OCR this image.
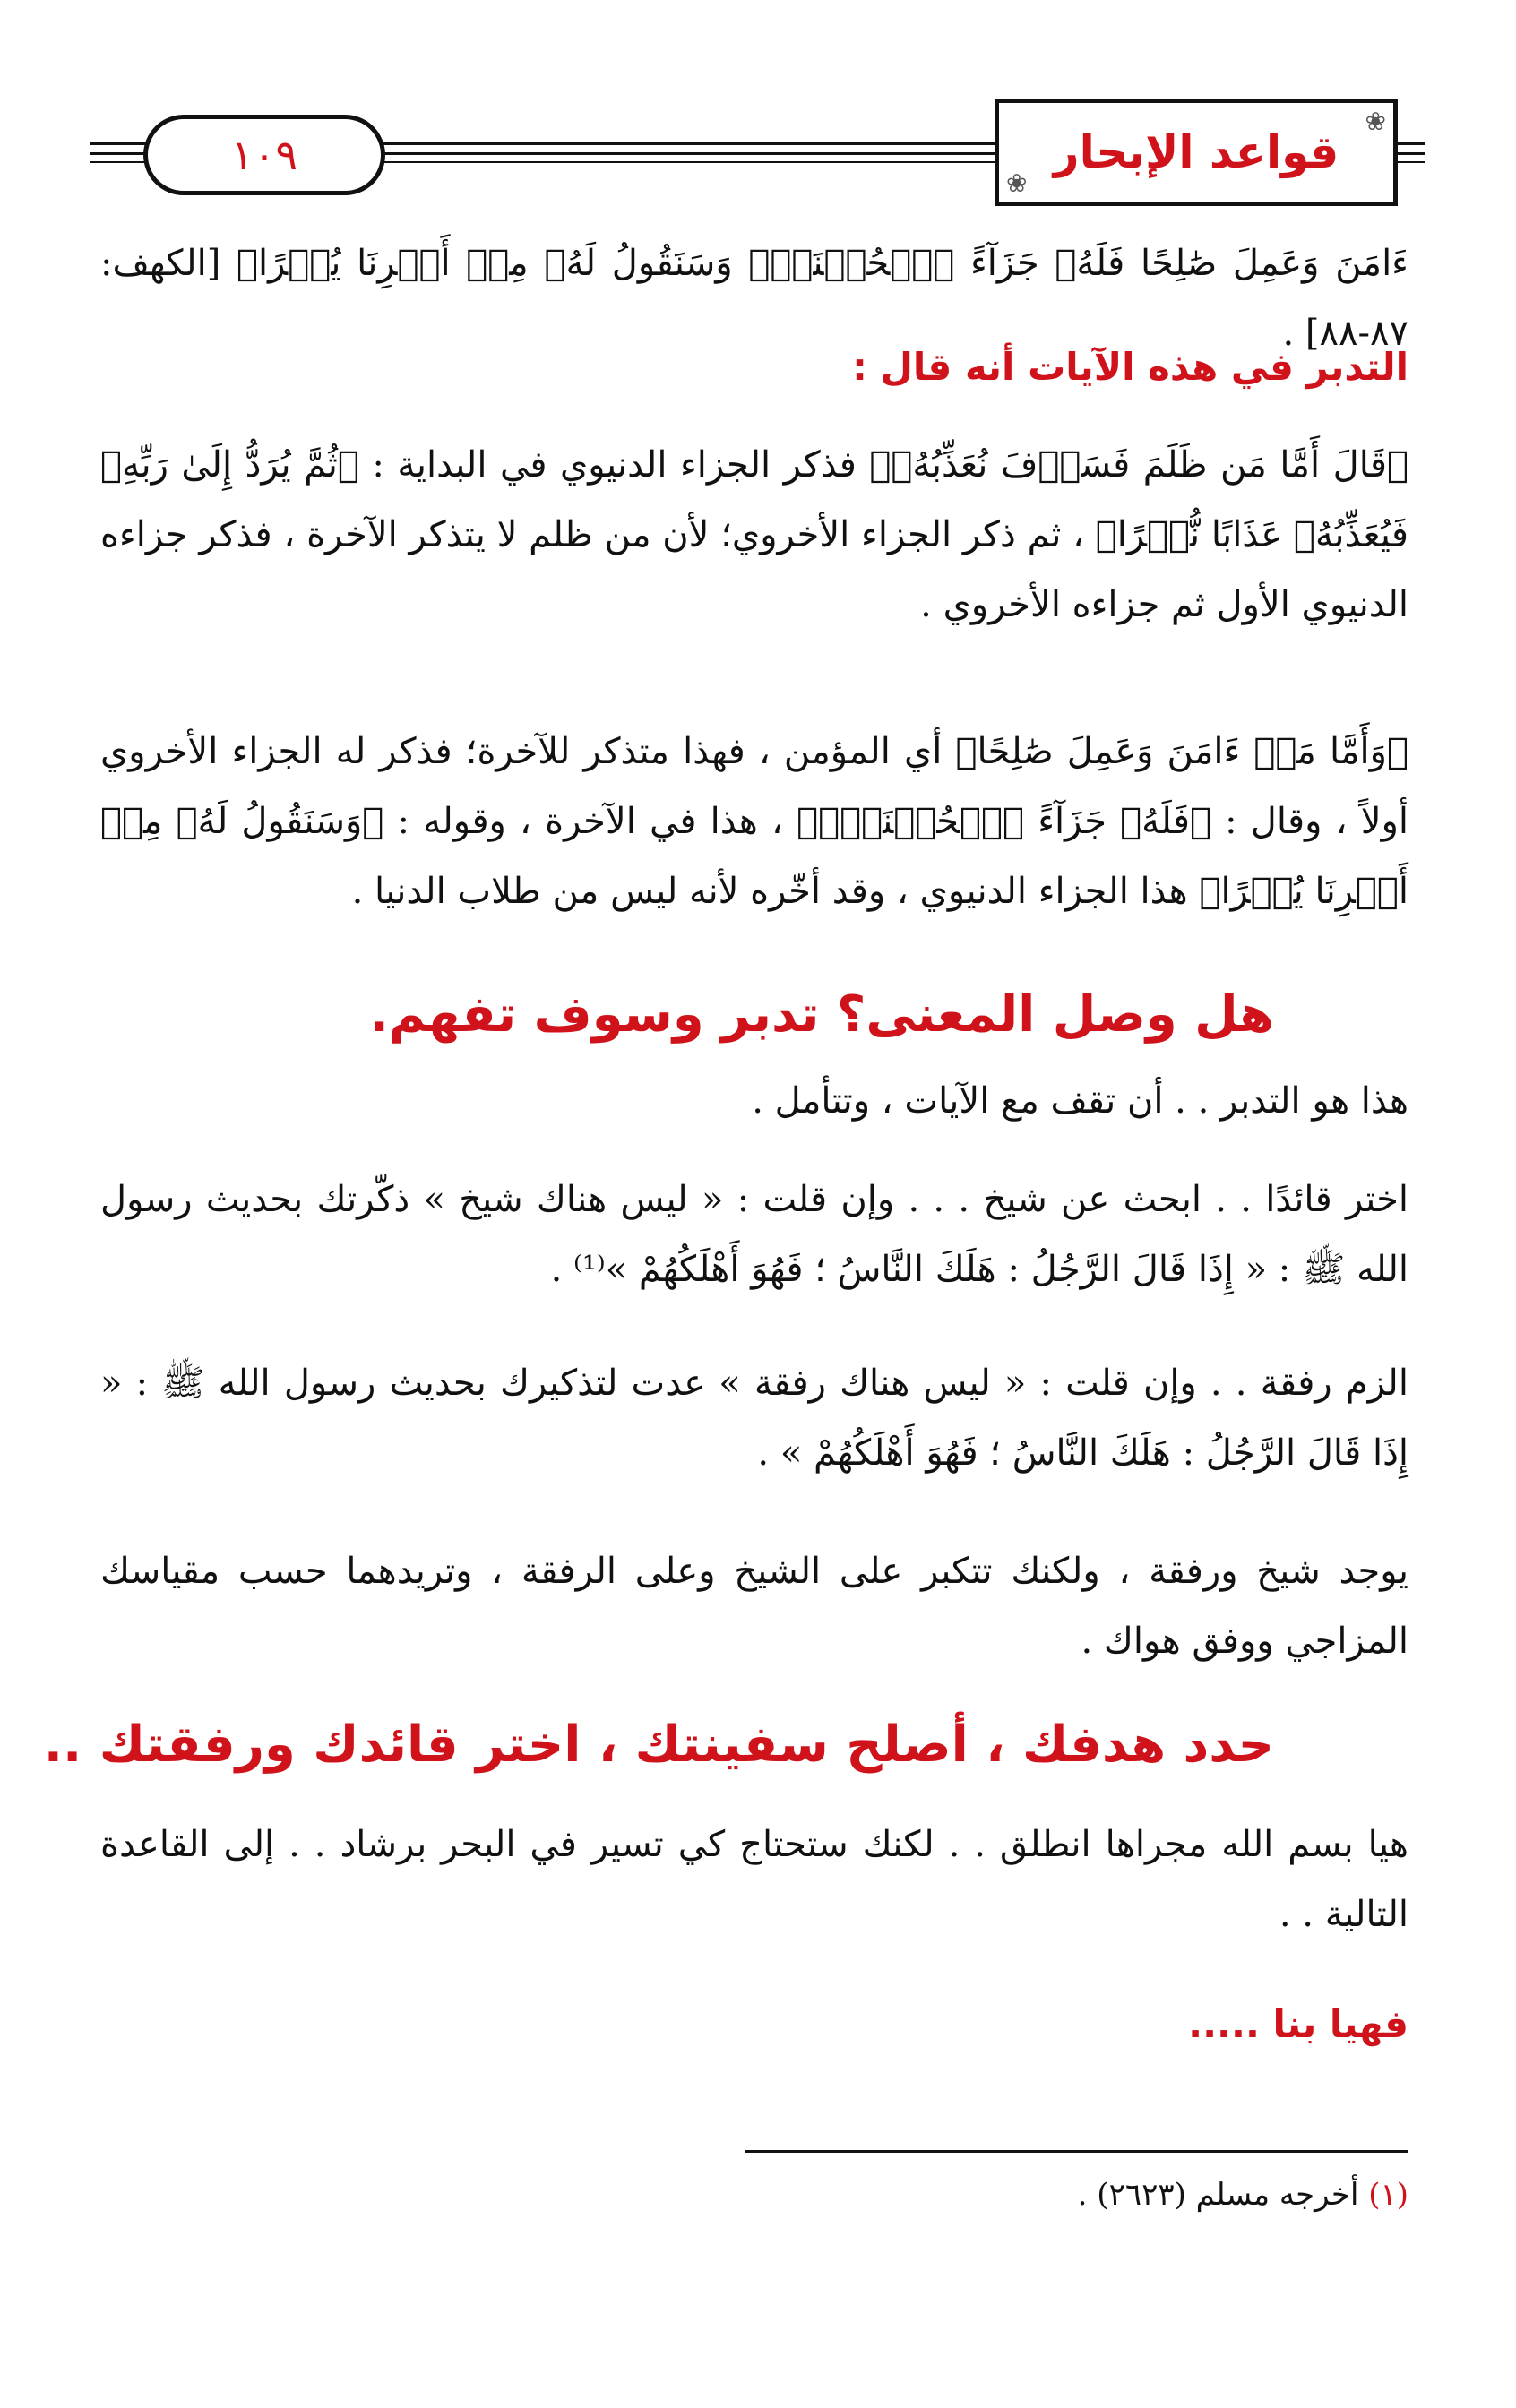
١٠٩
❀	قواعد الإبحار ❀
ءَامَنَ وَعَمِلَ صَٰلِحًا فَلَهُۥ جَزَآءً ٱلۡحُسۡنَىٰۖ وَسَنَقُولُ لَهُۥ مِنۡ أَمۡرِنَا يُسۡرًا﴾ [الكهف: ٨٧-٨٨] .
التدبر في هذه الآيات أنه قال :
﴿قَالَ أَمَّا مَن ظَلَمَ فَسَوۡفَ نُعَذِّبُهُۥ﴾ فذكر الجزاء الدنيوي في البداية : ﴿ثُمَّ يُرَدُّ إِلَىٰ رَبِّهِۦ فَيُعَذِّبُهُۥ عَذَابًا نُّكۡرًا﴾ ، ثم ذكر الجزاء الأخروي؛ لأن من ظلم لا يتذكر الآخرة ، فذكر جزاءه الدنيوي الأول ثم جزاءه الأخروي .
﴿وَأَمَّا مَنۡ ءَامَنَ وَعَمِلَ صَٰلِحًا﴾ أي المؤمن ، فهذا متذكر للآخرة؛ فذكر له الجزاء الأخروي أولاً ، وقال : ﴿فَلَهُۥ جَزَآءً ٱلۡحُسۡنَىٰۖ﴾ ، هذا في الآخرة ، وقوله : ﴿وَسَنَقُولُ لَهُۥ مِنۡ أَمۡرِنَا يُسۡرًا﴾ هذا الجزاء الدنيوي ، وقد أخّره لأنه ليس من طلاب الدنيا .
هل وصل المعنى؟ تدبر وسوف تفهم.
هذا هو التدبر . . أن تقف مع الآيات ، وتتأمل .
اختر قائدًا . . ابحث عن شيخ . . . وإن قلت : « ليس هناك شيخ » ذكّرتك بحديث رسول الله ﷺ : « إِذَا قَالَ الرَّجُلُ : هَلَكَ النَّاسُ ؛ فَهُوَ أَهْلَكُهُمْ »⁽¹⁾ .
الزم رفقة . . وإن قلت : « ليس هناك رفقة » عدت لتذكيرك بحديث رسول الله ﷺ : « إِذَا قَالَ الرَّجُلُ : هَلَكَ النَّاسُ ؛ فَهُوَ أَهْلَكُهُمْ » .
يوجد شيخ ورفقة ، ولكنك تتكبر على الشيخ وعلى الرفقة ، وتريدهما حسب مقياسك المزاجي ووفق هواك .
حدد هدفك ، أصلح سفينتك ، اختر قائدك ورفقتك ..
هيا بسم الله مجراها انطلق . . لكنك ستحتاج كي تسير في البحر برشاد . . إلى القاعدة التالية . .
فهيا بنا .....
(١) أخرجه مسلم (٢٦٢٣) .
